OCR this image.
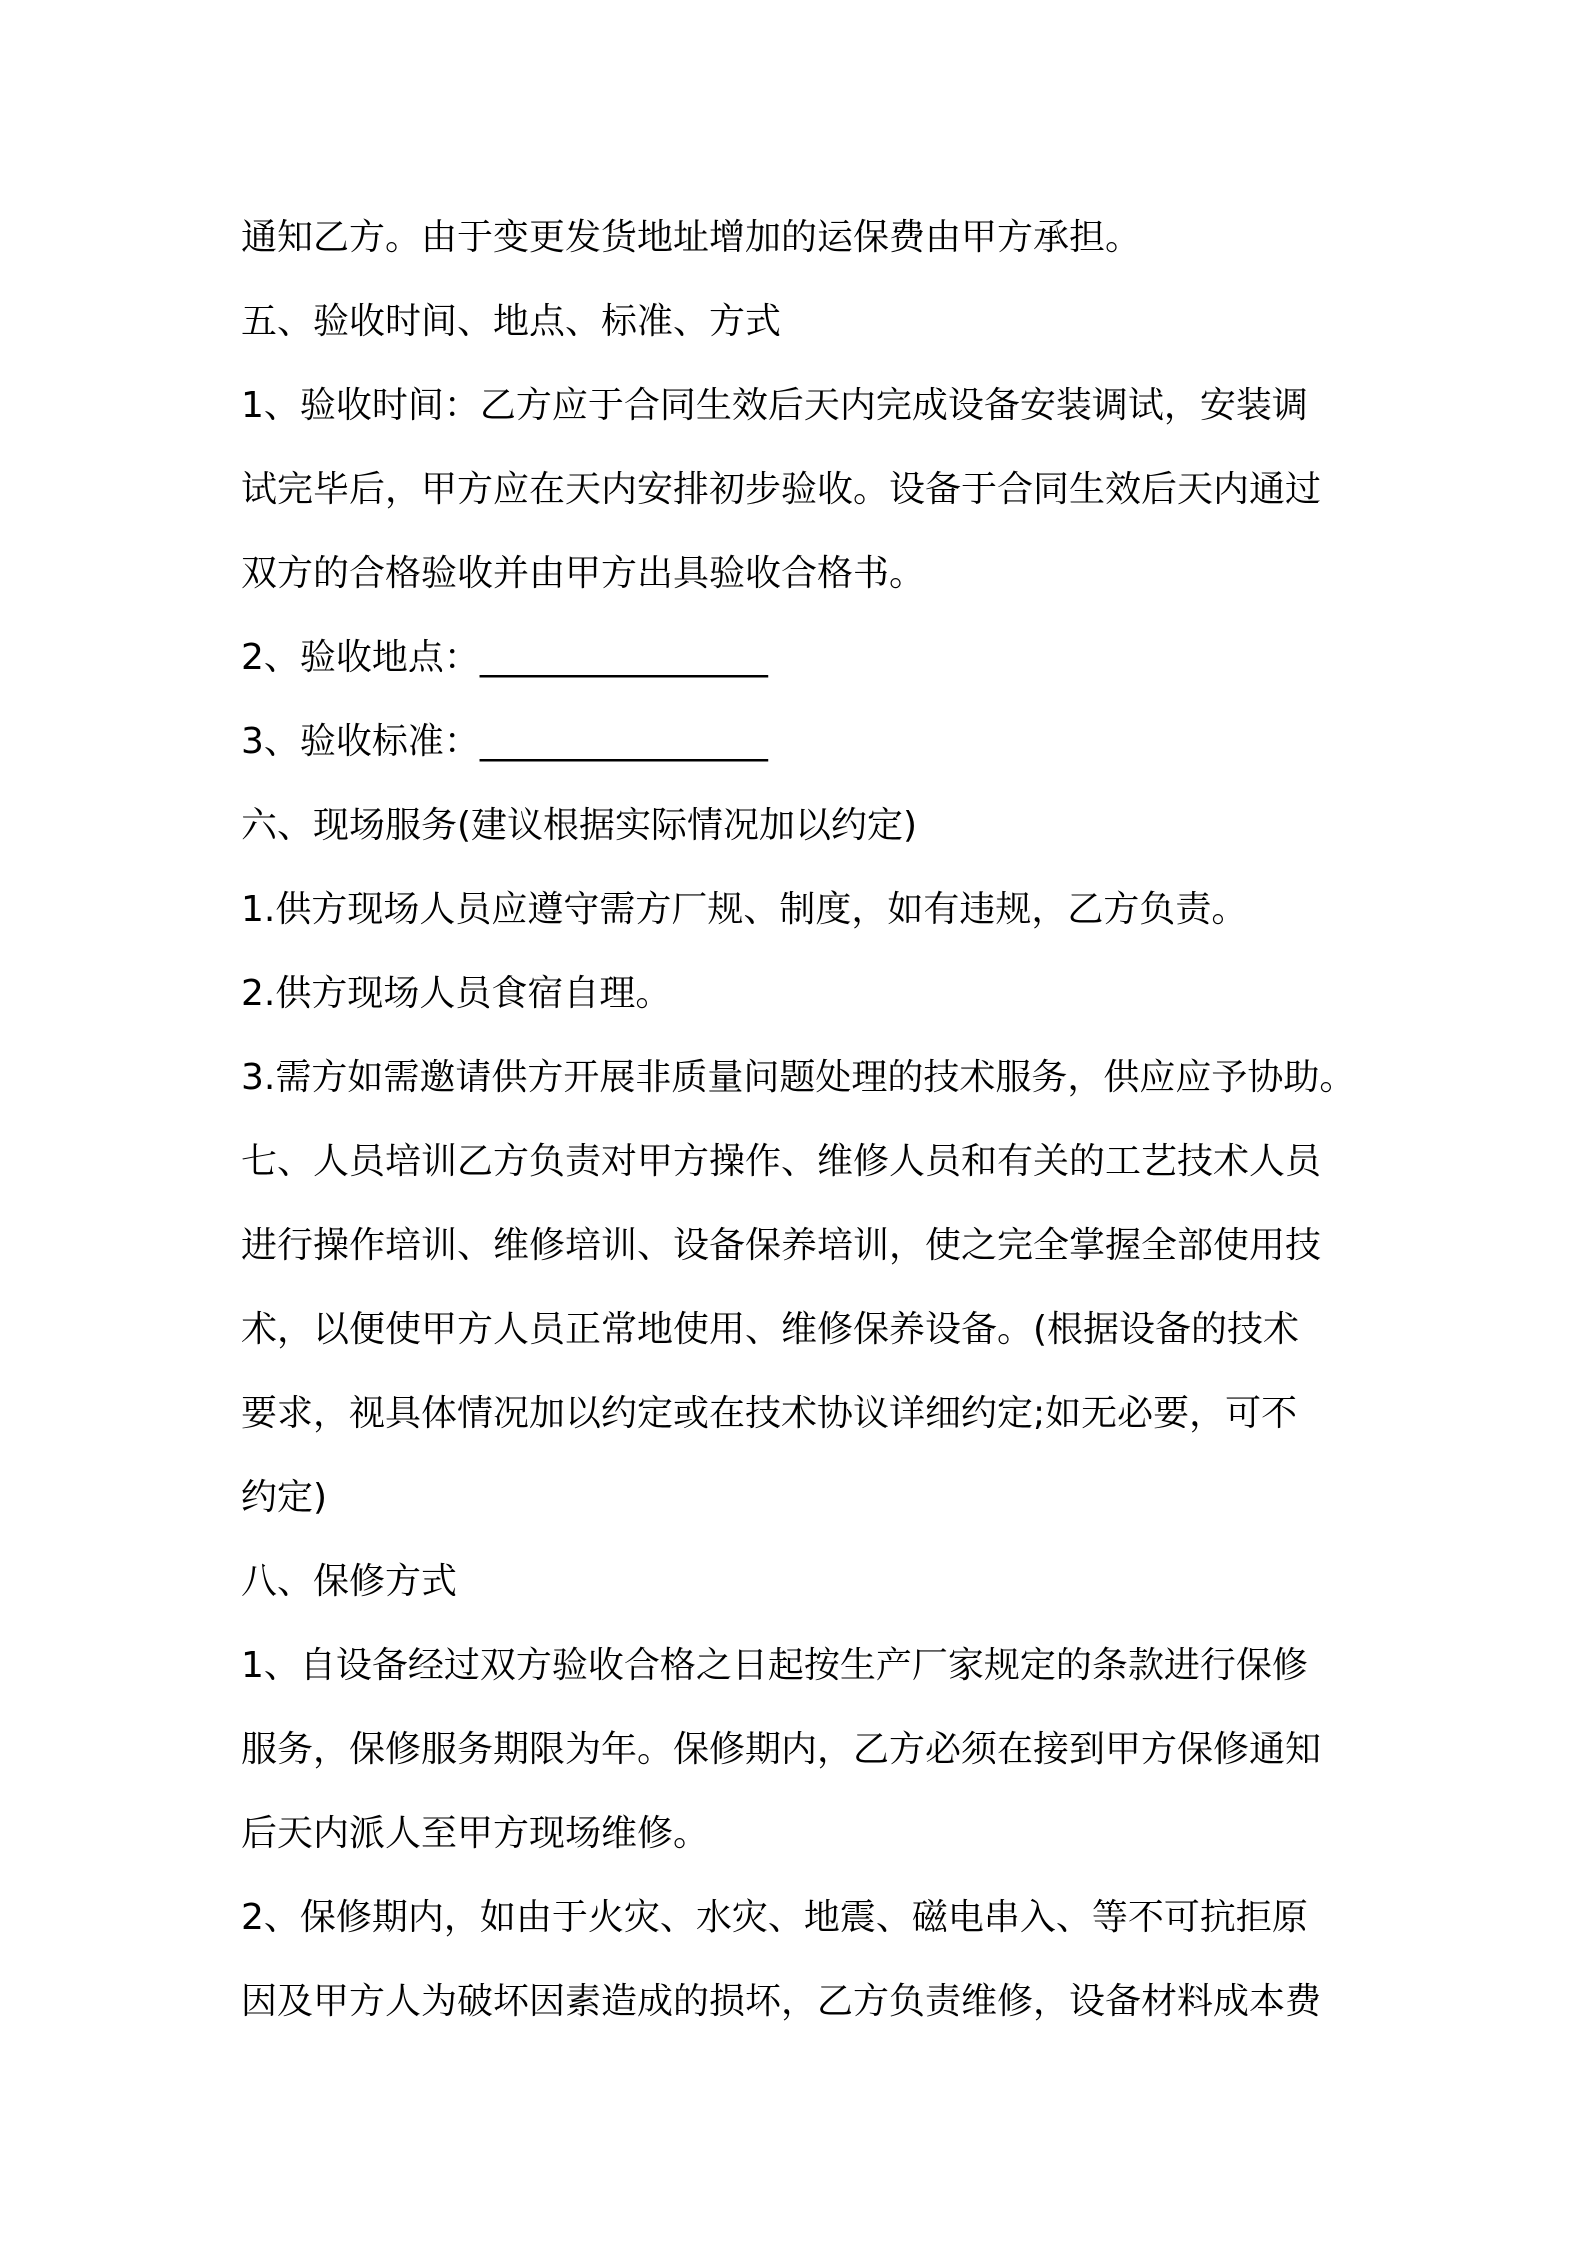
通知乙方。由于变更发货地址增加的运保费由甲方承担。

五、验收时间、地点、标准、方式

1、验收时间：乙方应于合同生效后天内完成设备安装调试，安装调

试完毕后，甲方应在天内安排初步验收。设备于合同生效后天内通过

双方的合格验收并由甲方出具验收合格书。

2、验收地点：________________

3、验收标准：________________

六、现场服务(建议根据实际情况加以约定)

1.供方现场人员应遵守需方厂规、制度，如有违规，乙方负责。

2.供方现场人员食宿自理。

3.需方如需邀请供方开展非质量问题处理的技术服务，供应应予协助。

七、人员培训乙方负责对甲方操作、维修人员和有关的工艺技术人员

进行操作培训、维修培训、设备保养培训，使之完全掌握全部使用技

术，以便使甲方人员正常地使用、维修保养设备。(根据设备的技术

要求，视具体情况加以约定或在技术协议详细约定;如无必要，可不

约定)

八、保修方式

1、自设备经过双方验收合格之日起按生产厂家规定的条款进行保修

服务，保修服务期限为年。保修期内，乙方必须在接到甲方保修通知

后天内派人至甲方现场维修。

2、保修期内，如由于火灾、水灾、地震、磁电串入、等不可抗拒原

因及甲方人为破坏因素造成的损坏，乙方负责维修，设备材料成本费
